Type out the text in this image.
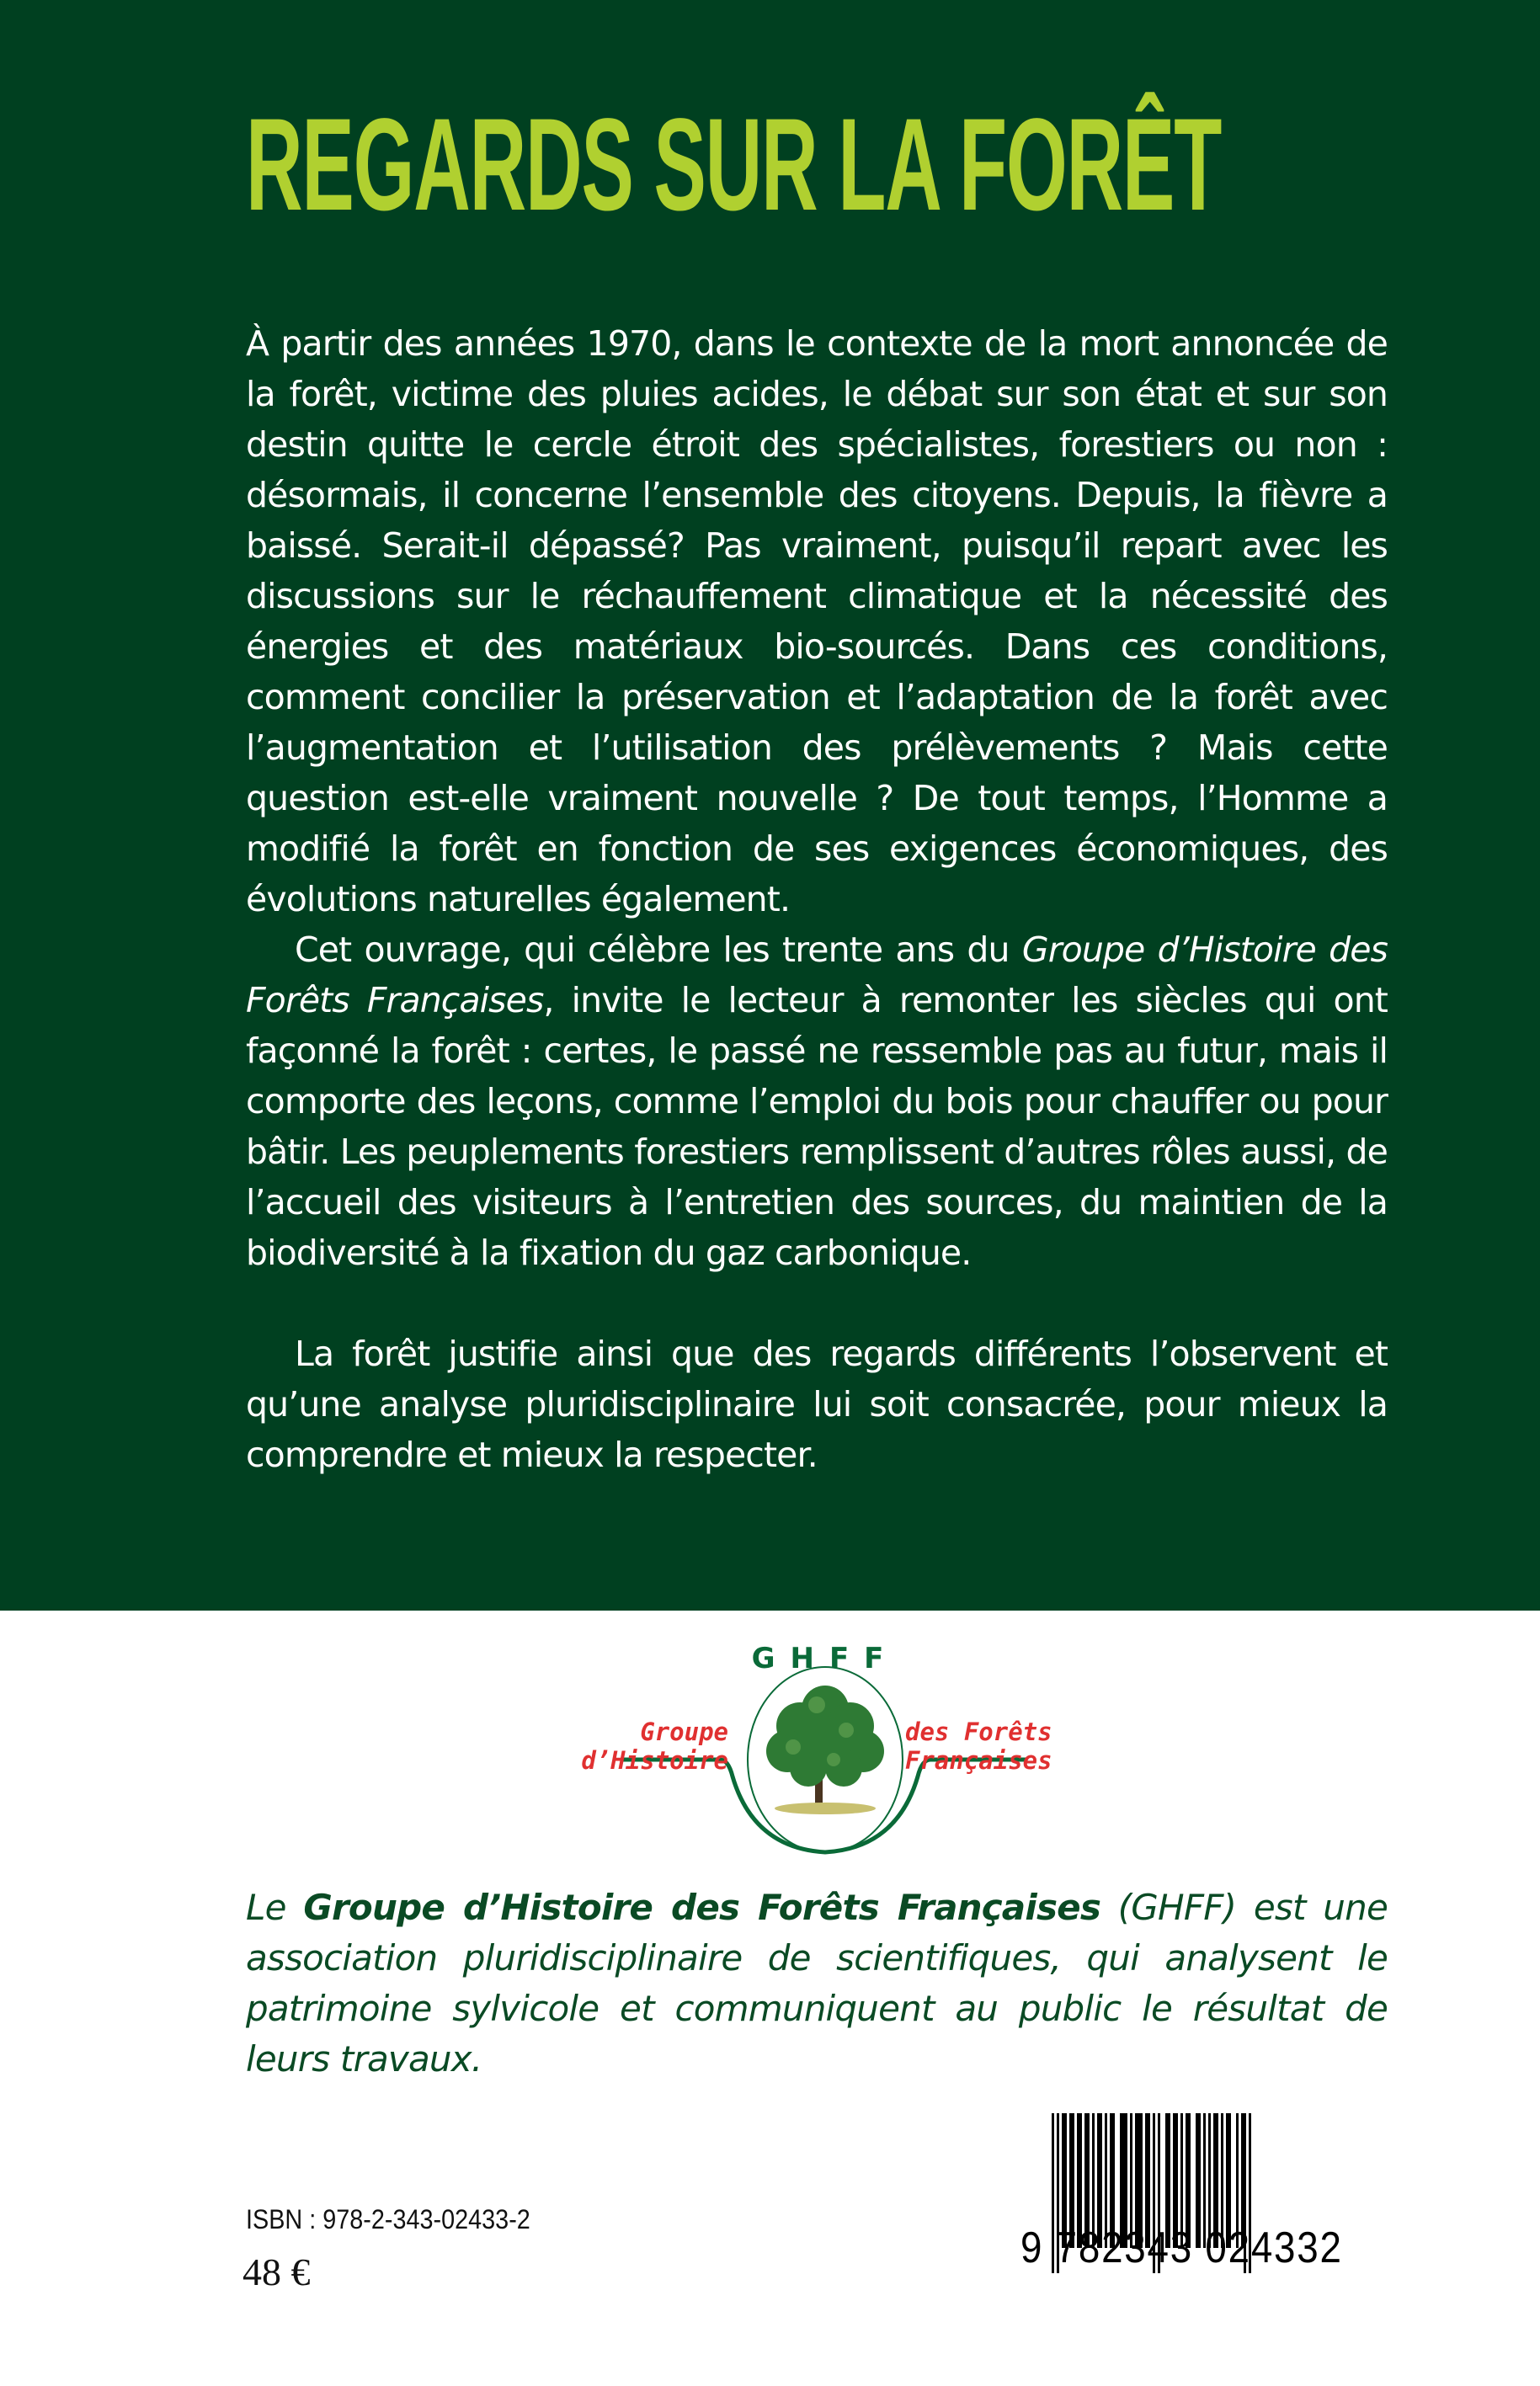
REGARDS SUR LA FORÊT

À partir des années 1970, dans le contexte de la mort annoncée de la forêt, victime des pluies acides, le débat sur son état et sur son destin quitte le cercle étroit des spécialistes, forestiers ou non : désormais, il concerne l’ensemble des citoyens. Depuis, la fièvre a baissé. Serait-il dépassé? Pas vraiment, puisqu’il repart avec les discussions sur le réchauffement climatique et la nécessité des énergies et des matériaux bio-sourcés. Dans ces conditions, comment concilier la préservation et l’adaptation de la forêt avec l’augmentation et l’utilisation des prélèvements ? Mais cette question est-elle vraiment nouvelle ? De tout temps, l’Homme a modifié la forêt en fonction de ses exigences économiques, des évolutions naturelles également.

Cet ouvrage, qui célèbre les trente ans du Groupe d’Histoire des Forêts Françaises, invite le lecteur à remonter les siècles qui ont façonné la forêt : certes, le passé ne ressemble pas au futur, mais il comporte des leçons, comme l’emploi du bois pour chauffer ou pour bâtir. Les peuplements forestiers remplissent d’autres rôles aussi, de l’accueil des visiteurs à l’entretien des sources, du maintien de la biodiversité à la fixation du gaz carbonique.

La forêt justifie ainsi que des regards différents l’observent et qu’une analyse pluridisciplinaire lui soit consacrée, pour mieux la comprendre et mieux la respecter.

GHFF
Groupe
d’Histoire
des Forêts
Françaises
Le Groupe d’Histoire des Forêts Françaises (GHFF) est une association pluridisciplinaire de scientifiques, qui analysent le patrimoine sylvicole et communiquent au public le résultat de leurs travaux.
ISBN : 978-2-343-02433-2
48 €	9 782343 024332
